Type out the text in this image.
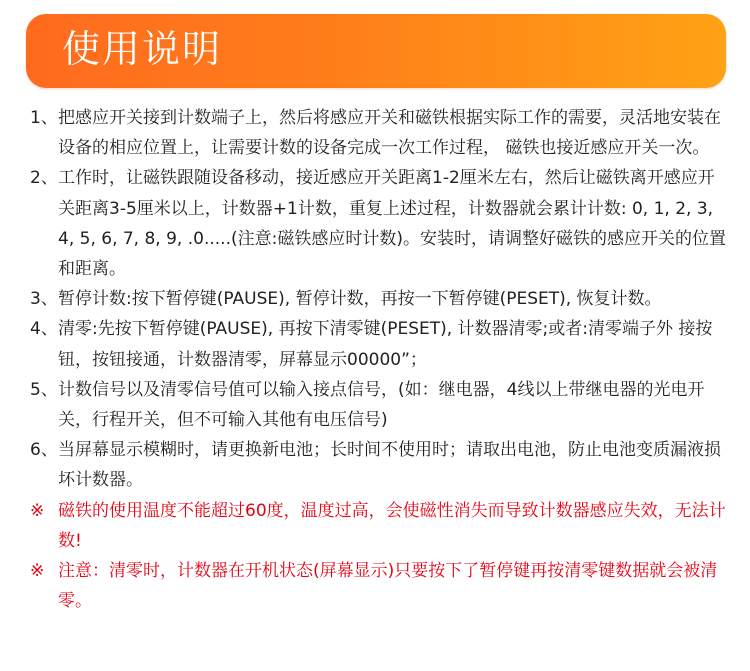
使用说明
1、 把感应开关接到计数端子上，然后将感应开关和磁铁根据实际工作的需要，灵活地安装在设备的相应位置上，让需要计数的设备完成一次工作过程， 磁铁也接近感应开关一次。
2、 工作时，让磁铁跟随设备移动，接近感应开关距离1-2厘米左右，然后让磁铁离开感应开关距离3-5厘米以上，计数器+1计数，重复上述过程，计数器就会累计计数: 0, 1, 2, 3, 4, 5, 6, 7, 8, 9, .0.....(注意:磁铁感应时计数)。安装时，请调整好磁铁的感应开关的位置和距离。
3、 暂停计数:按下暂停键(PAUSE), 暂停计数，再按一下暂停键(PESET), 恢复计数。
4、 清零:先按下暂停键(PAUSE), 再按下清零键(PESET), 计数器清零;或者:清零端子外 接按钮，按钮接通，计数器清零，屏幕显示00000”；
5、 计数信号以及清零信号值可以输入接点信号，(如：继电器，4线以上带继电器的光电开关，行程开关，但不可输入其他有电压信号)
6、 当屏幕显示模糊时，请更换新电池；长时间不使用时；请取出电池，防止电池变质漏液损坏计数器。
※ 磁铁的使用温度不能超过60度，温度过高，会使磁性消失而导致计数器感应失效，无法计数!
※ 注意：清零时，计数器在开机状态(屏幕显示)只要按下了暂停键再按清零键数据就会被清零。
